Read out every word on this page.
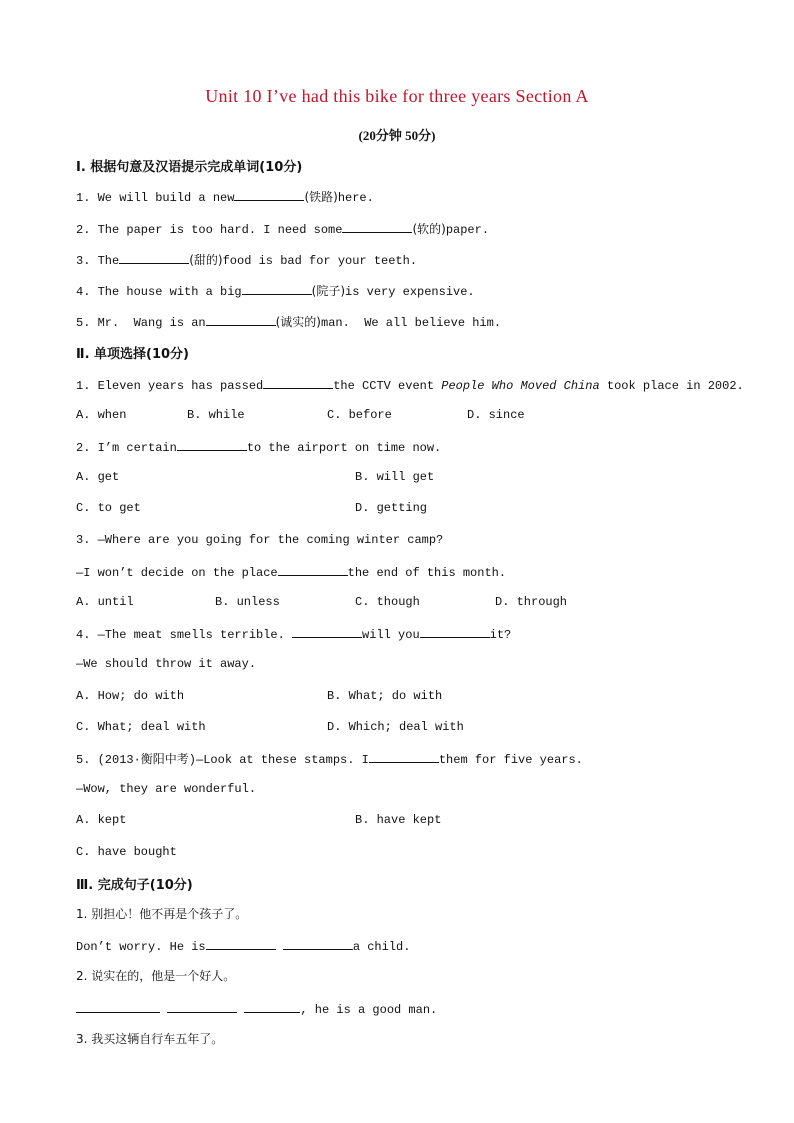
Unit 10 I’ve had this bike for three years Section A
(20分钟 50分)
Ⅰ. 根据句意及汉语提示完成单词(10分)
1. We will build a new	(铁路)here.
2. The paper is too hard. I need some	(软的)paper.
3. The	(甜的)food is bad for your teeth.
4. The house with a big	(院子)is very expensive.
5. Mr.  Wang is an	(诚实的)man.  We all believe him.
Ⅱ. 单项选择(10分)
1. Eleven years has passed	the CCTV event People Who Moved China took place in 2002.
A. when	B. while	C. before	D. since
2. I’m certain	to the airport on time now.
A. get	B. will get
C. to get	D. getting
3. —Where are you going for the coming winter camp?
—I won’t decide on the place	the end of this month.
A. until	B. unless	C. though	D. through
4. —The meat smells terrible.	will you	it?
—We should throw it away.
A. How; do with	B. What; do with
C. What; deal with	D. Which; deal with
5. (2013·衡阳中考)—Look at these stamps. I	them for five years.
—Wow, they are wonderful.
A. kept	B. have kept
C. have bought
Ⅲ. 完成句子(10分)
1. 别担心！他不再是个孩子了。
Don’t worry. He is	a child.
2. 说实在的，他是一个好人。
, he is a good man.
3. 我买这辆自行车五年了。
